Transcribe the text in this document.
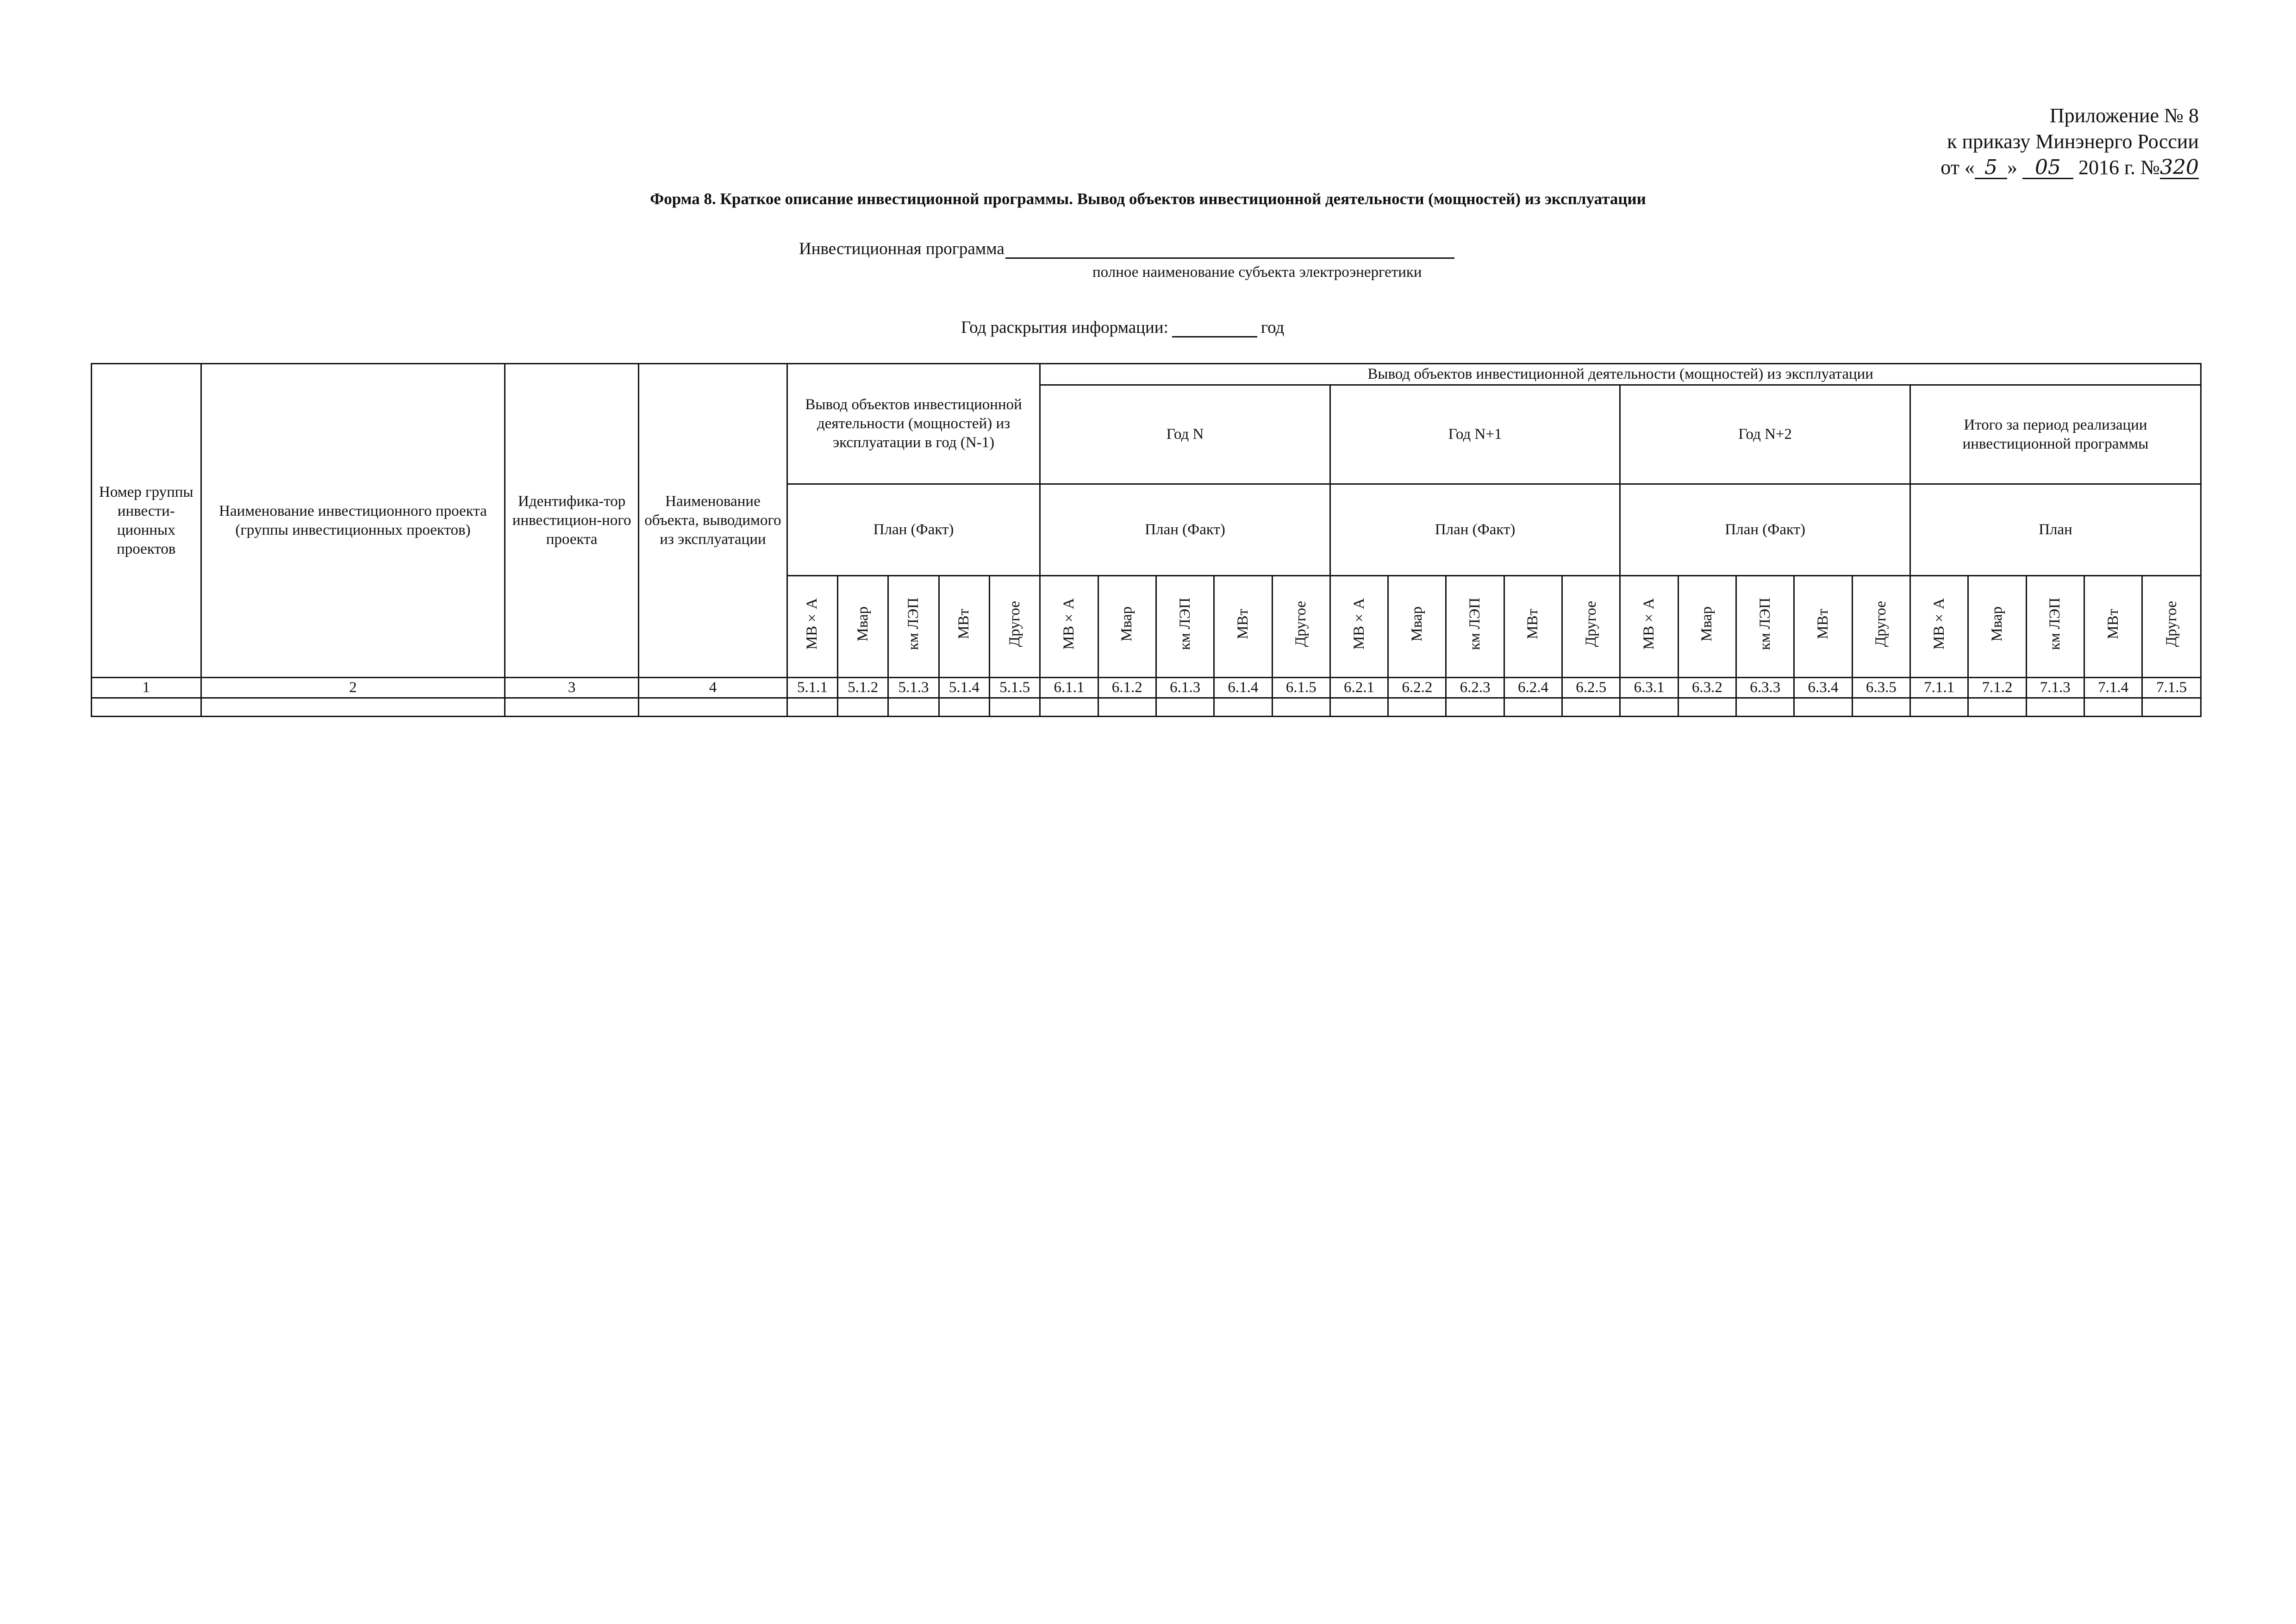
Приложение № 8
к приказу Минэнерго России
от « 5 » 05 2016 г. №320
Форма 8. Краткое описание инвестиционной программы. Вывод объектов инвестиционной деятельности (мощностей) из эксплуатации
Инвестиционная программа
полное наименование субъекта электроэнергетики
Год раскрытия информации:	год
Номер группы инвести-ционных проектов	Наименование инвестиционного проекта (группы инвестиционных проектов)	Идентифика-тор инвестицион-ного проекта	Наименование объекта, выводимого из эксплуатации	Вывод объектов инвестиционной деятельности (мощностей) из эксплуатации в год (N-1)					Вывод объектов инвестиционной деятельности (мощностей) из эксплуатации																			
									Год N					Год N+1					Год N+2					Итого за период реализации инвестиционной программы				
				План (Факт)					План (Факт)					План (Факт)					План (Факт)					План				
				МВ×А	Мвар	км ЛЭП	МВт	Другое	МВ×А	Мвар	км ЛЭП	МВт	Другое	МВ×А	Мвар	км ЛЭП	МВт	Другое	МВ×А	Мвар	км ЛЭП	МВт	Другое	МВ×А	Мвар	км ЛЭП	МВт	Другое
1	2	3	4	5.1.1	5.1.2	5.1.3	5.1.4	5.1.5	6.1.1	6.1.2	6.1.3	6.1.4	6.1.5	6.2.1	6.2.2	6.2.3	6.2.4	6.2.5	6.3.1	6.3.2	6.3.3	6.3.4	6.3.5	7.1.1	7.1.2	7.1.3	7.1.4	7.1.5
